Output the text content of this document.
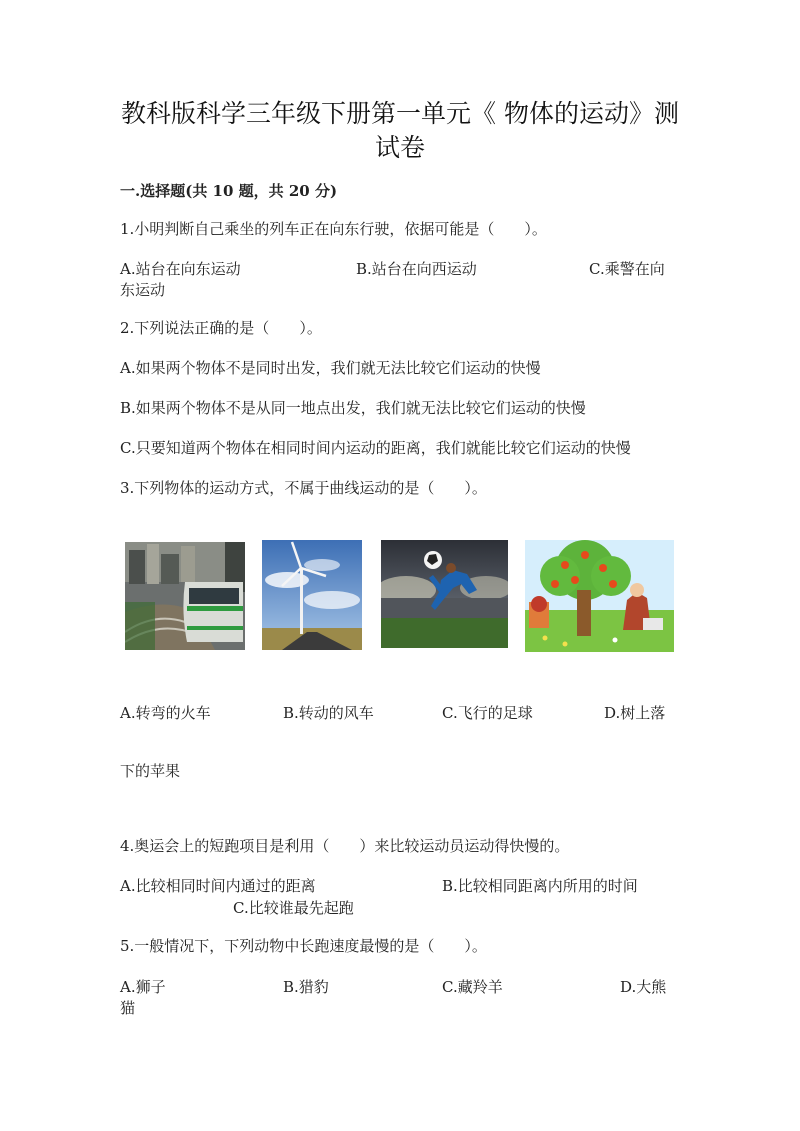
教科版科学三年级下册第一单元《 物体的运动》测
试卷
一.选择题(共 10 题，共 20 分)
1.小明判断自己乘坐的列车正在向东行驶，依据可能是（　　）。
A.站台在向东运动	B.站台在向西运动	C.乘警在向
东运动
2.下列说法正确的是（　　）。
A.如果两个物体不是同时出发，我们就无法比较它们运动的快慢
B.如果两个物体不是从同一地点出发，我们就无法比较它们运动的快慢
C.只要知道两个物体在相同时间内运动的距离，我们就能比较它们运动的快慢
3.下列物体的运动方式，不属于曲线运动的是（　　）。
A.转弯的火车	B.转动的风车	C.飞行的足球	D.树上落
下的苹果
4.奥运会上的短跑项目是利用（　　）来比较运动员运动得快慢的。
A.比较相同时间内通过的距离	B.比较相同距离内所用的时间
C.比较谁最先起跑
5.一般情况下，下列动物中长跑速度最慢的是（　　）。
A.狮子	B.猎豹	C.藏羚羊	D.大熊
猫
